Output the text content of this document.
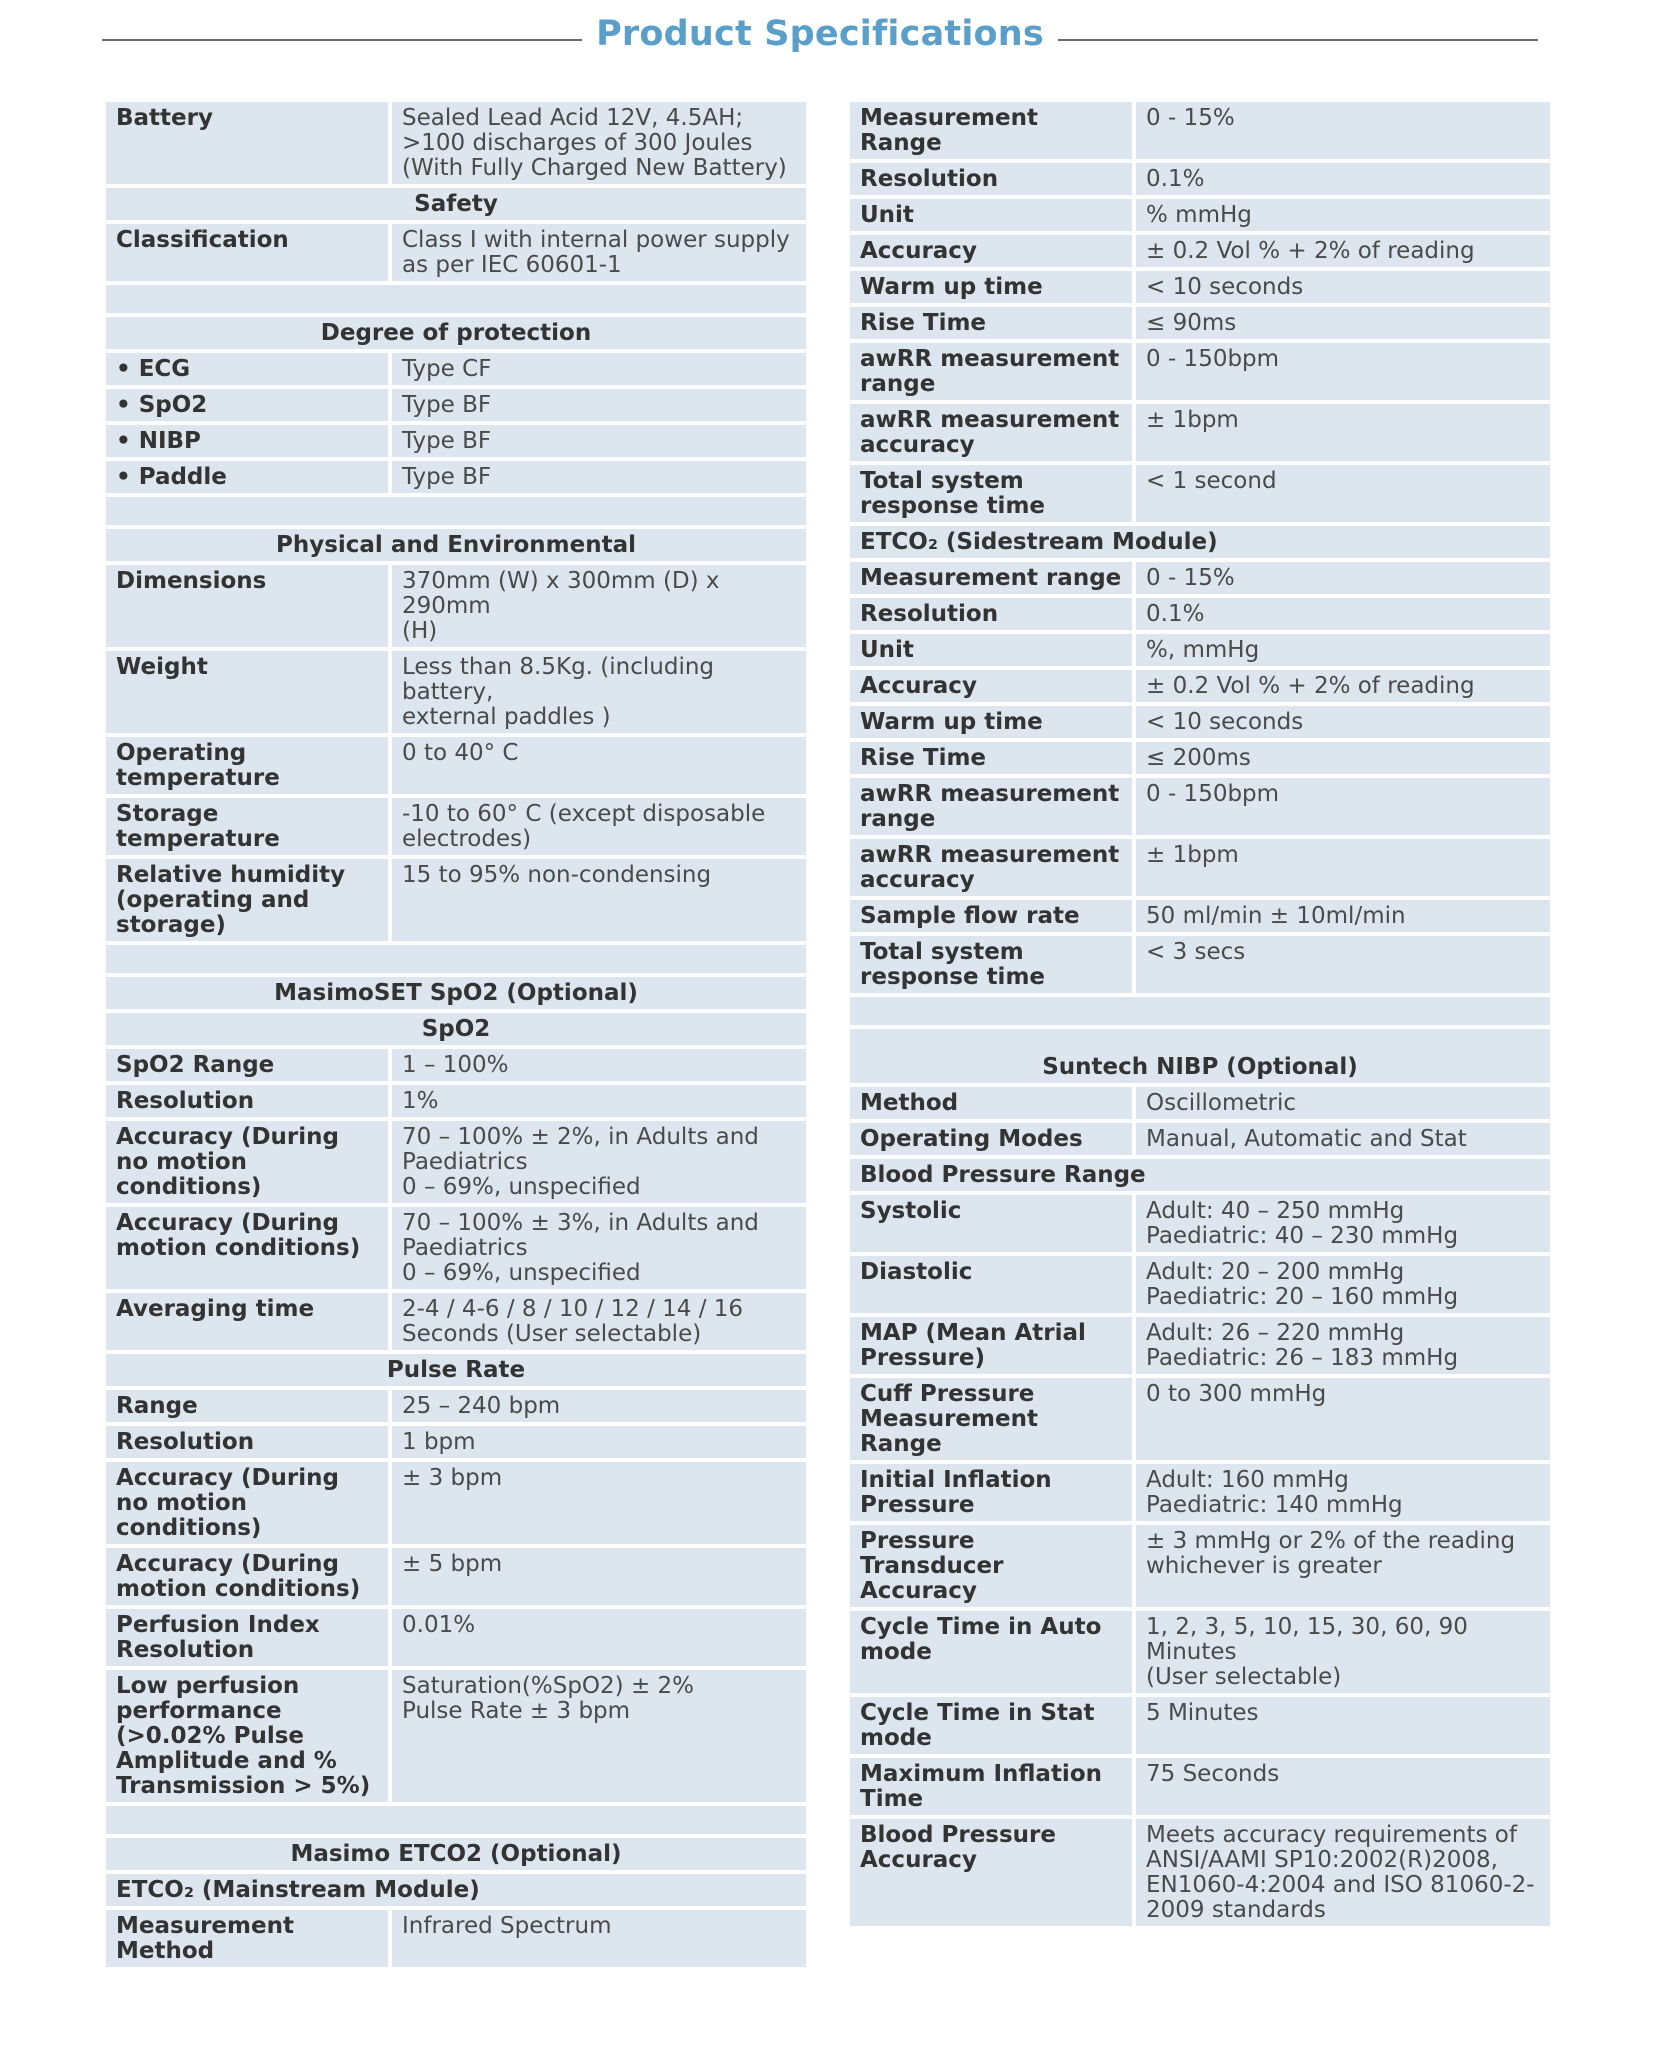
Product Specifications
Battery	Sealed Lead Acid 12V, 4.5AH;
>100 discharges of 300 Joules
(With Fully Charged New Battery)
Safety	
Classification	Class I with internal power supply
as per IEC 60601-1

Degree of protection	
• ECG	Type CF
• SpO2	Type BF
• NIBP	Type BF
• Paddle	Type BF

Physical and Environmental	
Dimensions	370mm (W) x 300mm (D) x 290mm
(H)
Weight	Less than 8.5Kg. (including battery,
external paddles )
Operating temperature	0 to 40° C
Storage temperature	-10 to 60° C (except disposable
electrodes)
Relative humidity (operating and storage)	15 to 95% non-condensing

MasimoSET SpO2 (Optional)	
SpO2	
SpO2 Range	1 – 100%
Resolution	1%
Accuracy (During no motion conditions)	70 – 100% ± 2%, in Adults and
Paediatrics
0 – 69%, unspecified
Accuracy (During motion conditions)	70 – 100% ± 3%, in Adults and
Paediatrics
0 – 69%, unspecified
Averaging time	2-4 / 4-6 / 8 / 10 / 12 / 14 / 16
Seconds (User selectable)
Pulse Rate	
Range	25 – 240 bpm
Resolution	1 bpm
Accuracy (During no motion conditions)	± 3 bpm
Accuracy (During motion conditions)	± 5 bpm
Perfusion Index Resolution	0.01%
Low perfusion performance (>0.02% Pulse Amplitude and % Transmission > 5%)	Saturation(%SpO2) ± 2%
Pulse Rate ± 3 bpm

Masimo ETCO2 (Optional)	
ETCO₂ (Mainstream Module)	
Measurement Method	Infrared Spectrum
Measurement Range	0 - 15%
Resolution	0.1%
Unit	% mmHg
Accuracy	± 0.2 Vol % + 2% of reading
Warm up time	< 10 seconds
Rise Time	≤ 90ms
awRR measurement range	0 - 150bpm
awRR measurement accuracy	± 1bpm
Total system response time	< 1 second
ETCO₂ (Sidestream Module)	
Measurement range	0 - 15%
Resolution	0.1%
Unit	%, mmHg
Accuracy	± 0.2 Vol % + 2% of reading
Warm up time	< 10 seconds
Rise Time	≤ 200ms
awRR measurement range	0 - 150bpm
awRR measurement accuracy	± 1bpm
Sample flow rate	50 ml/min ± 10ml/min
Total system response time	< 3 secs

Suntech NIBP (Optional)	
Method	Oscillometric
Operating Modes	Manual, Automatic and Stat
Blood Pressure Range	
Systolic	Adult: 40 – 250 mmHg
Paediatric: 40 – 230 mmHg
Diastolic	Adult: 20 – 200 mmHg
Paediatric: 20 – 160 mmHg
MAP (Mean Atrial Pressure)	Adult: 26 – 220 mmHg
Paediatric: 26 – 183 mmHg
Cuff Pressure Measurement Range	0 to 300 mmHg
Initial Inflation Pressure	Adult: 160 mmHg
Paediatric: 140 mmHg
Pressure Transducer Accuracy	± 3 mmHg or 2% of the reading
whichever is greater
Cycle Time in Auto mode	1, 2, 3, 5, 10, 15, 30, 60, 90 Minutes
(User selectable)
Cycle Time in Stat mode	5 Minutes
Maximum Inflation Time	75 Seconds
Blood Pressure Accuracy	Meets accuracy requirements of
ANSI/AAMI SP10:2002(R)2008,
EN1060-4:2004 and ISO 81060-2-
2009 standards
